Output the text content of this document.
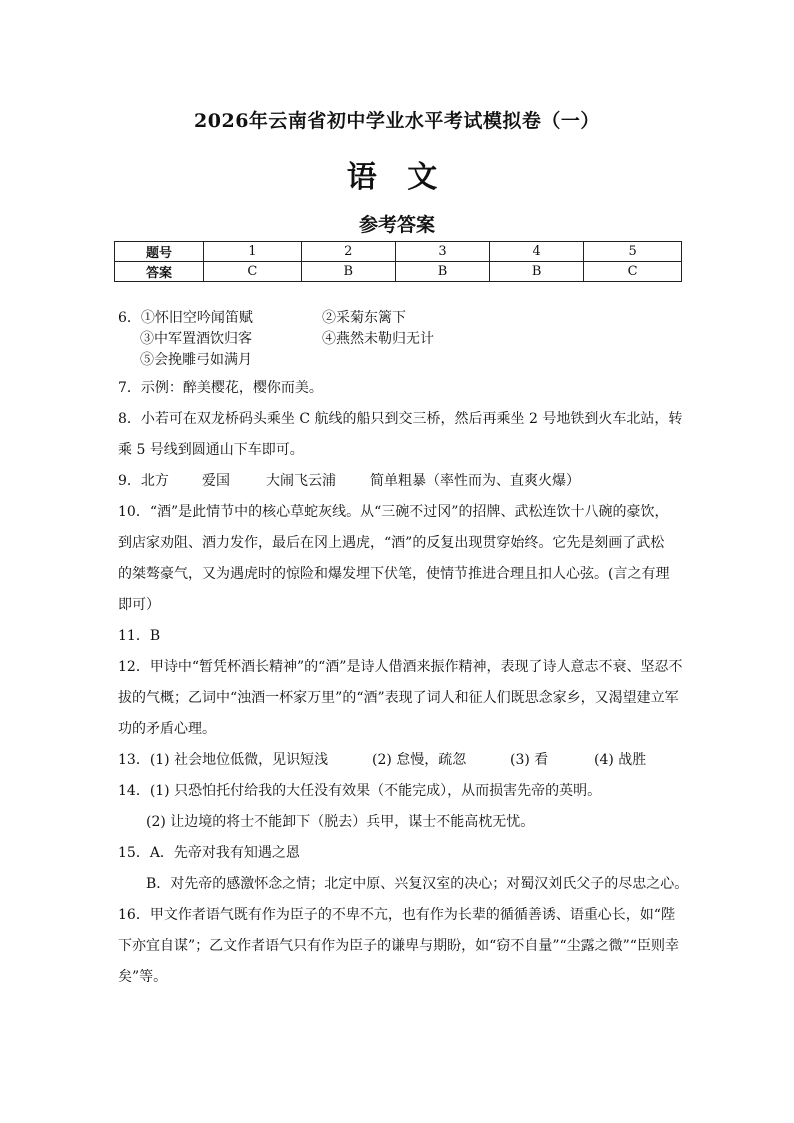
2026年云南省初中学业水平考试模拟卷（一）
语 文
参考答案
题号	1	2	3	4	5
答案	C	B	B	B	C
6．①怀旧空吟闻笛赋	②采菊东篱下
③中军置酒饮归客	④燕然未勒归无计
⑤会挽雕弓如满月
7．示例：醉美樱花，樱你而美。
8．小若可在双龙桥码头乘坐 C 航线的船只到交三桥，然后再乘坐 2 号地铁到火车北站，转
乘 5 号线到圆通山下车即可。
9．北方 爱国	大闹飞云浦 简单粗暴（率性而为、直爽火爆）
10．“酒”是此情节中的核心草蛇灰线。从“三碗不过冈”的招牌、武松连饮十八碗的豪饮，
到店家劝阻、酒力发作，最后在冈上遇虎，“酒”的反复出现贯穿始终。它先是刻画了武松
的桀骜豪气，又为遇虎时的惊险和爆发埋下伏笔，使情节推进合理且扣人心弦。(言之有理
即可）
11．B
12．甲诗中“暂凭杯酒长精神”的“酒”是诗人借酒来振作精神，表现了诗人意志不衰、坚忍不
拔的气概；乙词中“浊酒一杯家万里”的“酒”表现了词人和征人们既思念家乡，又渴望建立军
功的矛盾心理。
13．(1) 社会地位低微，见识短浅	(2) 怠慢，疏忽	(3) 看	(4) 战胜
14．(1) 只恐怕托付给我的大任没有效果（不能完成），从而损害先帝的英明。
(2) 让边境的将士不能卸下（脱去）兵甲，谋士不能高枕无忧。
15．A．先帝对我有知遇之恩
B．对先帝的感激怀念之情；北定中原、兴复汉室的决心；对蜀汉刘氏父子的尽忠之心。
16．甲文作者语气既有作为臣子的不卑不亢，也有作为长辈的循循善诱、语重心长，如“陛
下亦宜自谋”；乙文作者语气只有作为臣子的谦卑与期盼，如“窃不自量”“尘露之微”“臣则幸
矣”等。
